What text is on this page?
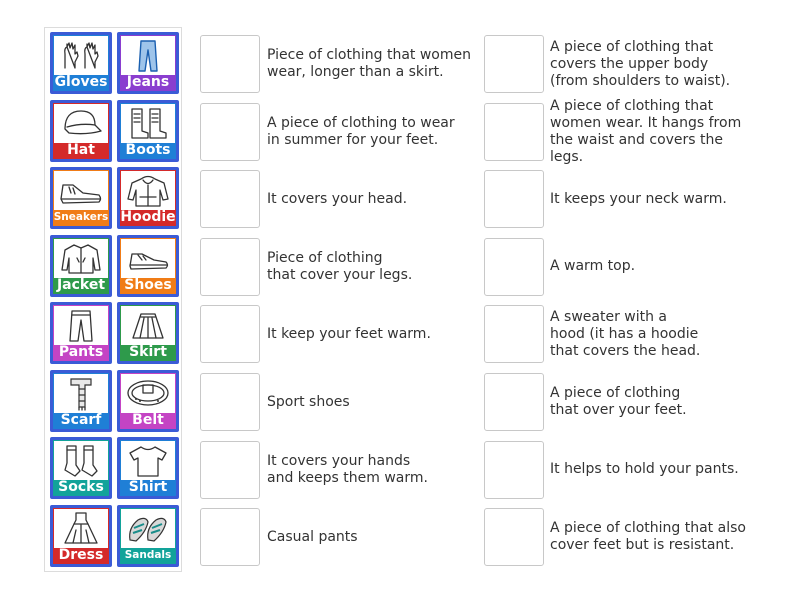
Gloves	Jeans
Hat	Boots
Sneakers Hoodie
Jacket	Shoes
Pants	Skirt
Scarf	Belt
Socks	Shirt
Dress	Sandals
Piece of clothing that women
wear, longer than a skirt.
A piece of clothing to wear
in summer for your feet.
It covers your head.
Piece of clothing
that cover your legs.
It keep your feet warm.
Sport shoes
It covers your hands
and keeps them warm.
Casual pants
A piece of clothing that
covers the upper body
(from shoulders to waist).
A piece of clothing that
women wear. It hangs from
the waist and covers the legs.
It keeps your neck warm.
A warm top.
A sweater with a
hood (it has a hoodie
that covers the head.
A piece of clothing
that over your feet.
It helps to hold your pants.
A piece of clothing that also
cover feet but is resistant.
